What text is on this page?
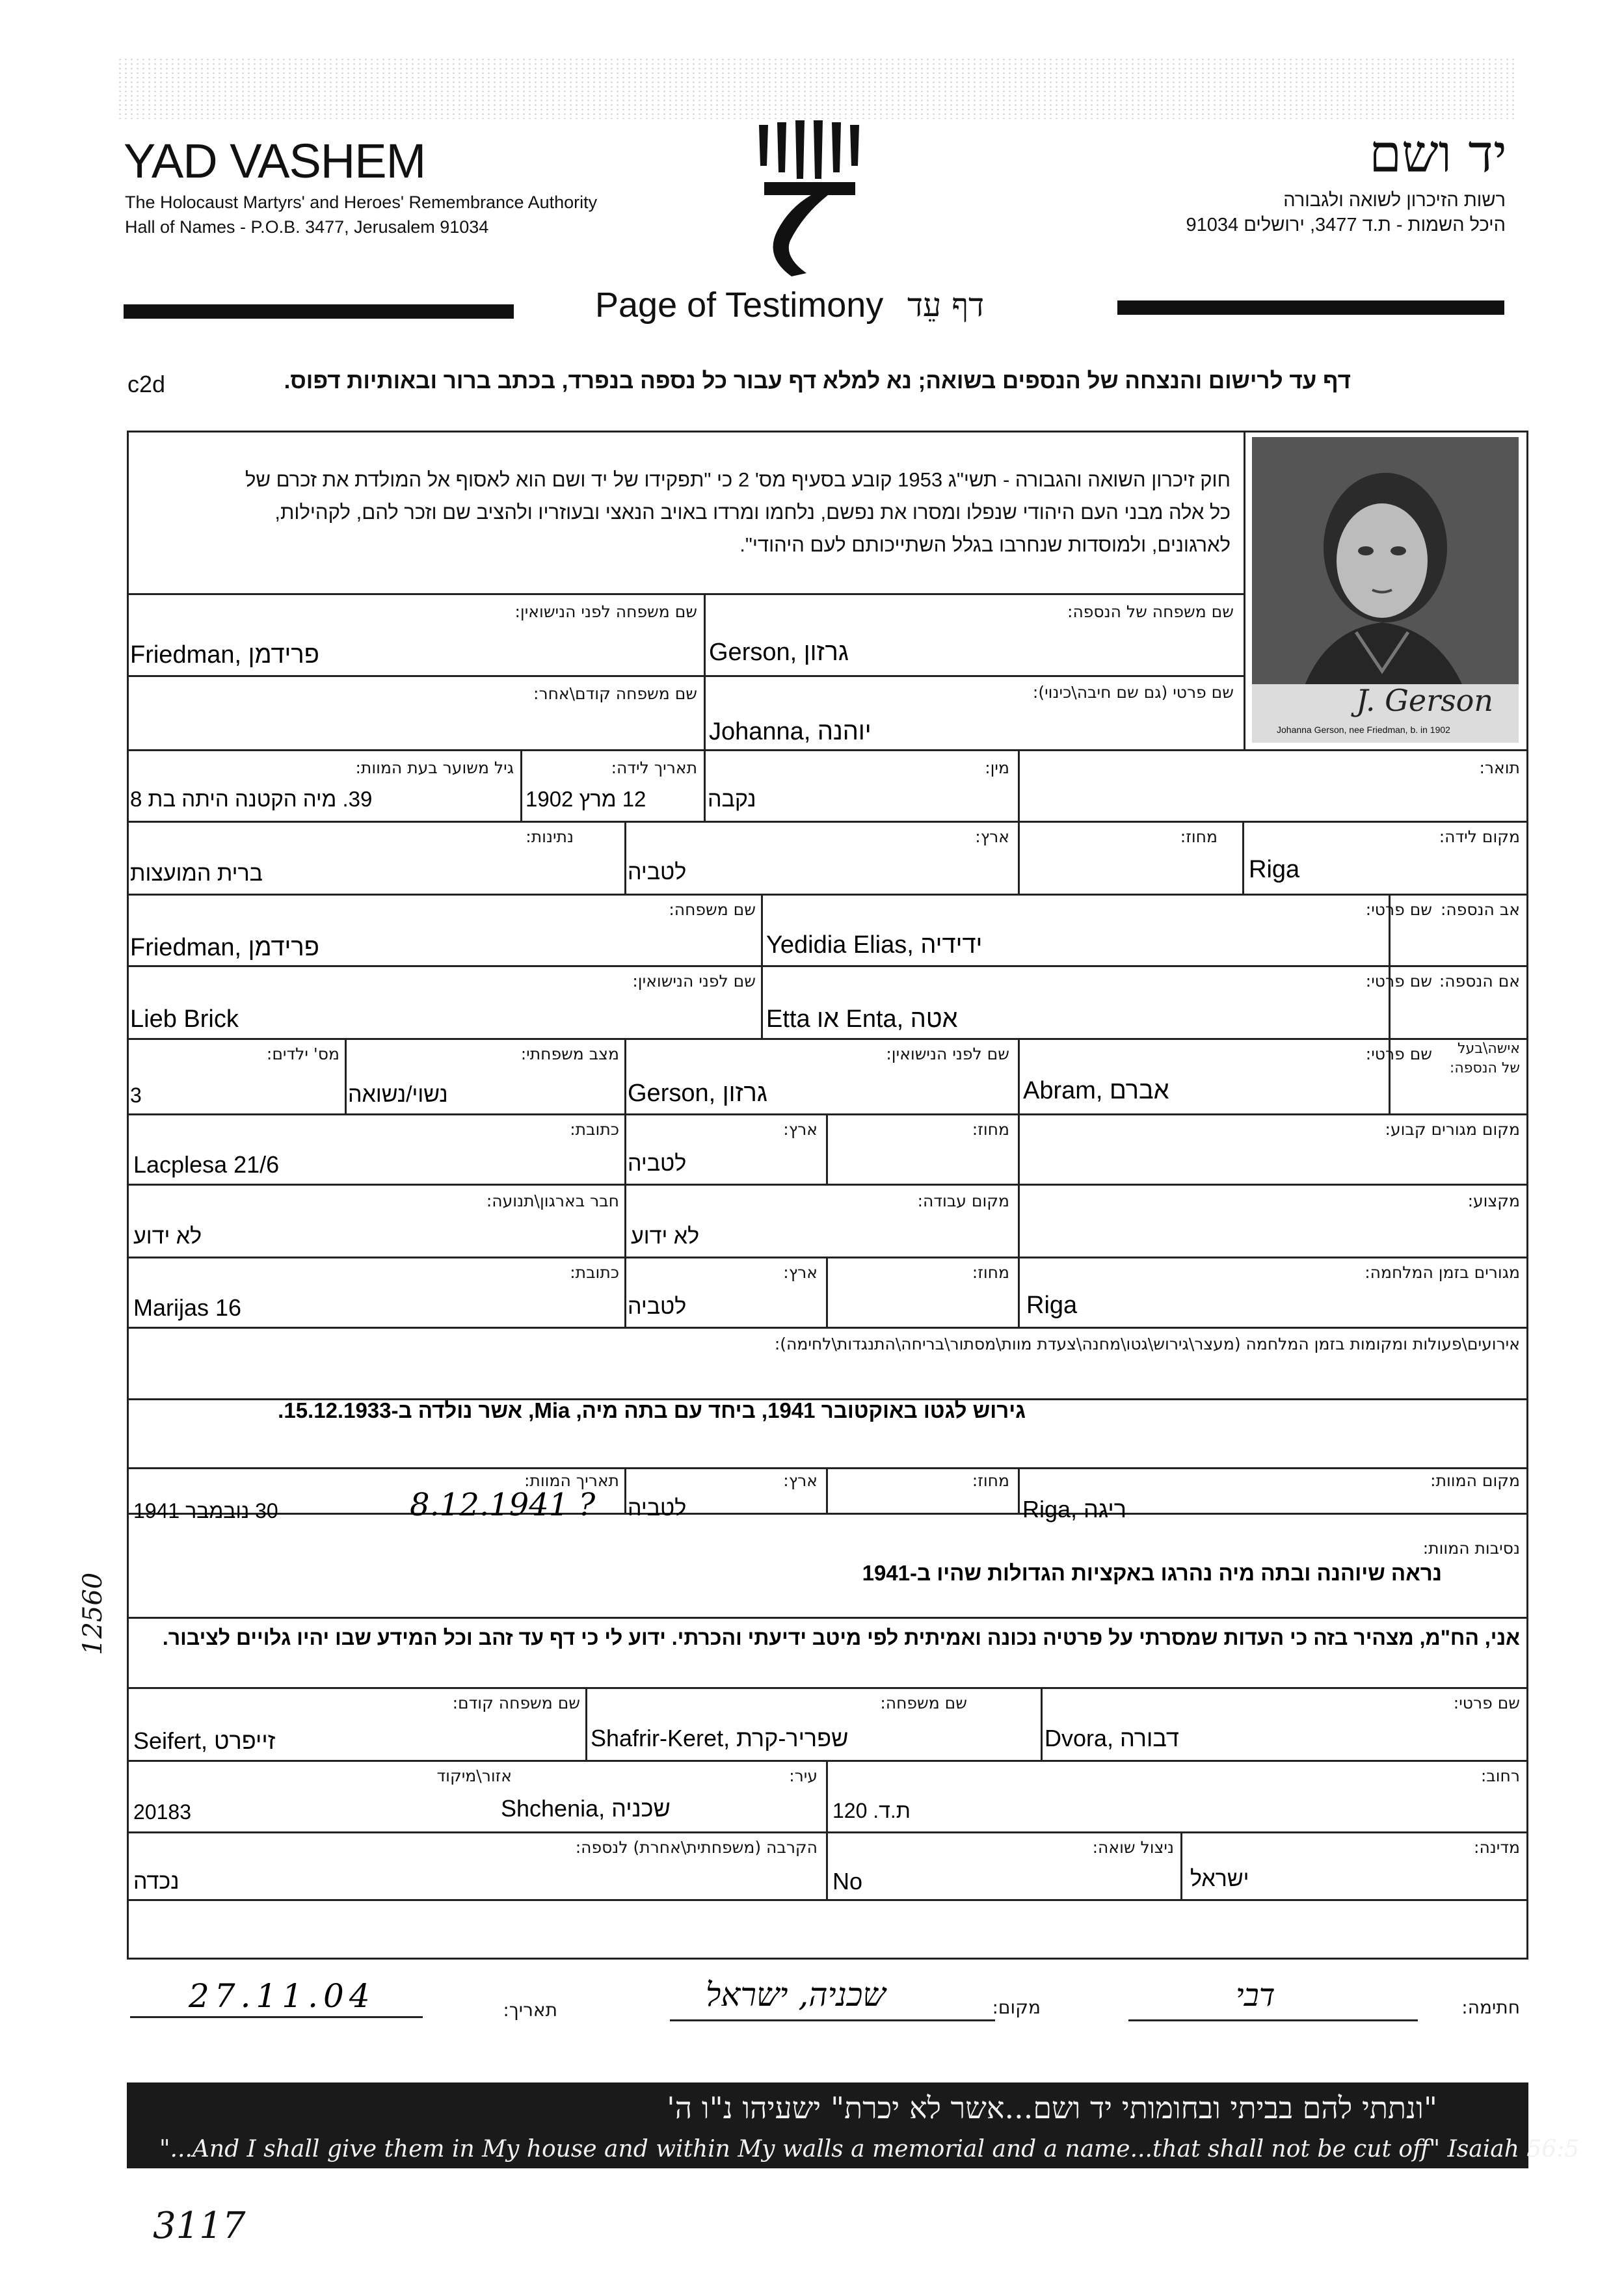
YAD VASHEM
The Holocaust Martyrs' and Heroes' Remembrance Authority
Hall of Names - P.O.B. 3477, Jerusalem 91034
יד ושם
רשות הזיכרון לשואה ולגבורה
היכל השמות - ת.ד 3477, ירושלים 91034
Page of Testimony דף עֵד
c2d	דף עד לרישום והנצחה של הנספים בשואה; נא למלא דף עבור כל נספה בנפרד, בכתב ברור ובאותיות דפוס.
חוק זיכרון השואה והגבורה - תשי"ג 1953 קובע בסעיף מס' 2 כי "תפקידו של יד ושם הוא לאסוף אל המולדת את זכרם של
כל אלה מבני העם היהודי שנפלו ומסרו את נפשם, נלחמו ומרדו באויב הנאצי ובעוזריו ולהציב שם וזכר להם, לקהילות,
לארגונים, ולמוסדות שנחרבו בגלל השתייכותם לעם היהודי".
J. Gerson
Johanna Gerson, nee Friedman, b. in 1902
שם משפחה של הנספה:
גרזון ,Gerson
שם משפחה לפני הנישואין:
פרידמן ,Friedman
שם פרטי (גם שם חיבה\כינוי):
יוהנה ,Johanna
שם משפחה קודם\אחר:
תואר:
מין:
נקבה
תאריך לידה:
12 מרץ 1902
גיל משוער בעת המוות:
39. מיה הקטנה היתה בת 8
מקום לידה:
Riga
מחוז:
ארץ:
לטביה
נתינות:
ברית המועצות
אב הנספה:
שם פרטי:
ידידיה ,Yedidia Elias
שם משפחה:
פרידמן ,Friedman
אם הנספה:
שם פרטי:
אטה ,Enta או Etta
שם לפני הנישואין:
Lieb Brick
אישה\בעל
של הנספה:
שם פרטי:
אברם ,Abram
שם לפני הנישואין:
גרזון ,Gerson
מצב משפחתי:
נשוי/נשואה
מס' ילדים:
3
מקום מגורים קבוע:
מחוז:
ארץ:
לטביה
כתובת:
Lacplesa 21/6
מקצוע:
מקום עבודה:
לא ידוע
חבר בארגון\תנועה:
לא ידוע
מגורים בזמן המלחמה:
Riga
מחוז:
ארץ:
לטביה
כתובת:
Marijas 16
אירועים\פעולות ומקומות בזמן המלחמה (מעצר\גירוש\גטו\מחנה\צעדת מוות\מסתור\בריחה\התנגדות\לחימה):
גירוש לגטו באוקטובר 1941, ביחד עם בתה מיה, Mia, אשר נולדה ב-15.12.1933.
מקום המוות:
ריגה ,Riga
מחוז:
ארץ:
לטביה
תאריך המוות:
30 נובמבר 1941	8.12.1941 ?
נסיבות המוות:
נראה שיוהנה ובתה מיה נהרגו באקציות הגדולות שהיו ב-1941
אני, הח"מ, מצהיר בזה כי העדות שמסרתי על פרטיה נכונה ואמיתית לפי מיטב ידיעתי והכרתי. ידוע לי כי דף עד זהב וכל המידע שבו יהיו גלויים לציבור.
שם פרטי:
דבורה ,Dvora
שם משפחה:
שפריר-קרת ,Shafrir-Keret
שם משפחה קודם:
זייפרט ,Seifert
רחוב:
ת.ד. 120
עיר:
שכניה ,Shchenia
אזור\מיקוד
20183
מדינה:
ישראל
ניצול שואה:
No
הקרבה (משפחתית\אחרת) לנספה:
נכדה
חתימה:
דבי
מקום:
שכניה, ישראל
תאריך:
27.11.04
12560
"ונתתי להם בביתי ובחומותי יד ושם...אשר לא יכרת" ישעיהו נ"ו ה'
"...And I shall give them in My house and within My walls a memorial and a name...that shall not be cut off" Isaiah 56:5
3117
